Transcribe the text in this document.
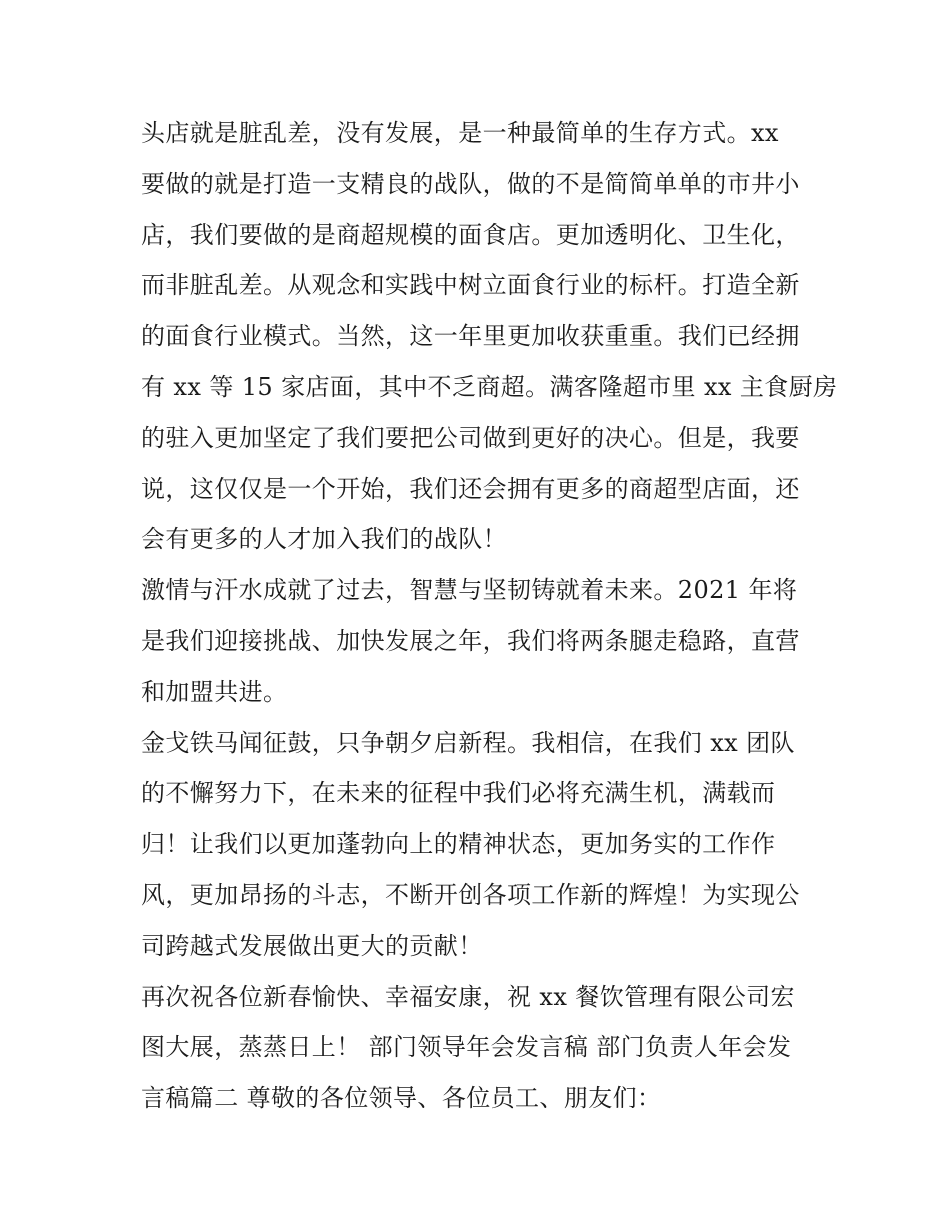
头店就是脏乱差，没有发展，是一种最简单的生存方式。xx
要做的就是打造一支精良的战队，做的不是简简单单的市井小
店，我们要做的是商超规模的面食店。更加透明化、卫生化，
而非脏乱差。从观念和实践中树立面食行业的标杆。打造全新
的面食行业模式。当然，这一年里更加收获重重。我们已经拥
有 xx 等 15 家店面，其中不乏商超。满客隆超市里 xx 主食厨房
的驻入更加坚定了我们要把公司做到更好的决心。但是，我要
说，这仅仅是一个开始，我们还会拥有更多的商超型店面，还
会有更多的人才加入我们的战队！

激情与汗水成就了过去，智慧与坚韧铸就着未来。2021 年将
是我们迎接挑战、加快发展之年，我们将两条腿走稳路，直营
和加盟共进。

金戈铁马闻征鼓，只争朝夕启新程。我相信，在我们 xx 团队
的不懈努力下，在未来的征程中我们必将充满生机，满载而
归！让我们以更加蓬勃向上的精神状态，更加务实的工作作
风，更加昂扬的斗志，不断开创各项工作新的辉煌！为实现公
司跨越式发展做出更大的贡献！

再次祝各位新春愉快、幸福安康，祝 xx 餐饮管理有限公司宏
图大展，蒸蒸日上！ 部门领导年会发言稿 部门负责人年会发
言稿篇二 尊敬的各位领导、各位员工、朋友们：
